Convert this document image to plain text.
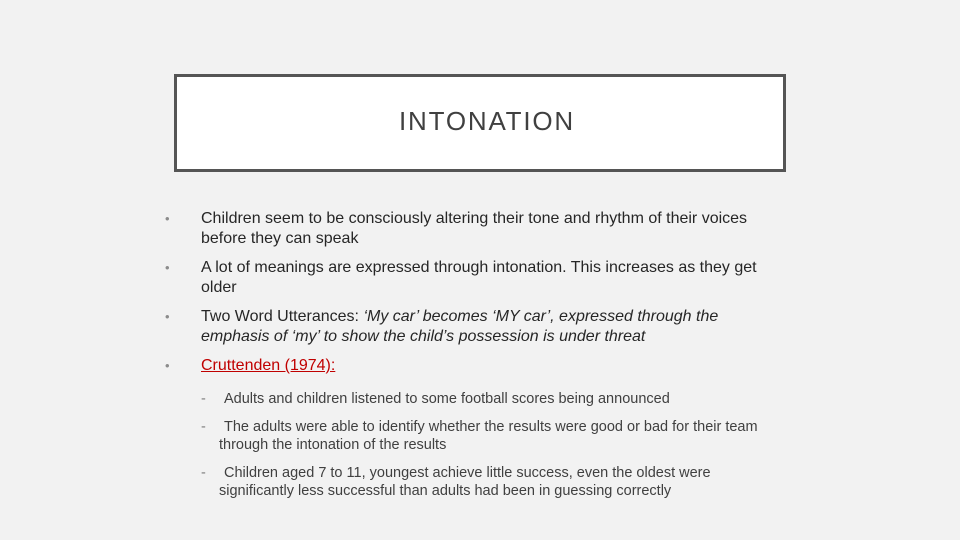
INTONATION
• Children seem to be consciously altering their tone and rhythm of their voices before they can speak
• A lot of meanings are expressed through intonation. This increases as they get older
• Two Word Utterances: ‘My car’ becomes ‘MY car’, expressed through the emphasis of ‘my’ to show the child’s possession is under threat
• Cruttenden (1974):
- Adults and children listened to some football scores being announced
- The adults were able to identify whether the results were good or bad for their team through the intonation of the results
- Children aged 7 to 11, youngest achieve little success, even the oldest were significantly less successful than adults had been in guessing correctly
